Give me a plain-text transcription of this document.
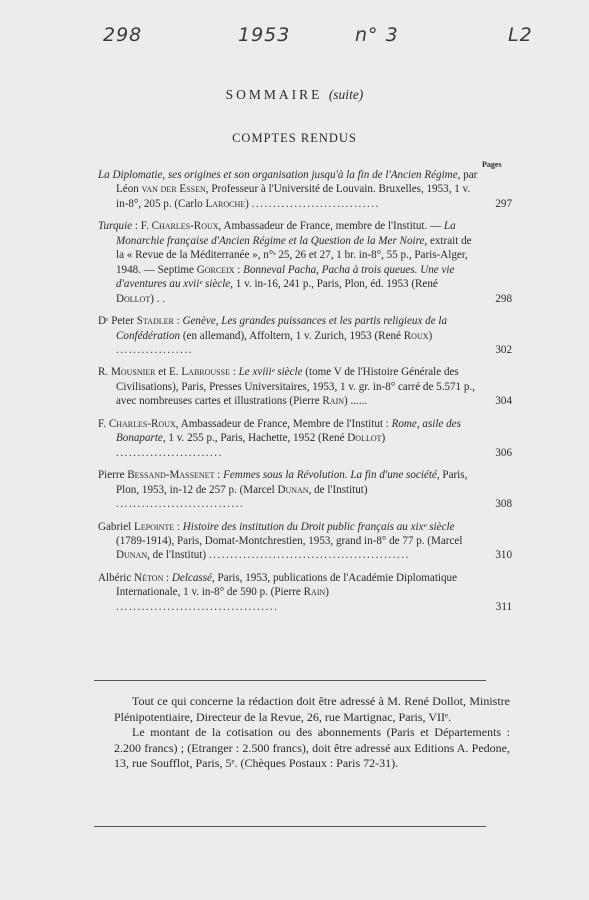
298	1953	n° 3	L2
SOMMAIRE (suite)
COMPTES RENDUS
Pages
La Diplomatie, ses origines et son organisation jusqu'à la fin de l'Ancien Régime, par Léon van der Essen, Professeur à l'Université de Louvain. Bruxelles, 1953, 1 v. in-8°, 205 p. (Carlo Laroche) ..............................	297
Turquie : F. Charles-Roux, Ambassadeur de France, membre de l'Institut. — La Monarchie française d'Ancien Régime et la Question de la Mer Noire, extrait de la « Revue de la Méditerranée », n°ˢ 25, 26 et 27, 1 br. in-8°, 55 p., Paris-Alger, 1948. — Septime Gorceix : Bonneval Pacha, Pacha à trois queues. Une vie d'aventures au xviiᵉ siècle, 1 v. in-16, 241 p., Paris, Plon, éd. 1953 (René Dollot) . .	298
Dʳ Peter Stadler : Genève, Les grandes puissances et les partis religieux de la Confédération (en allemand), Affoltern, 1 v. Zurich, 1953 (René Roux) ..................	302
R. Mousnier et E. Labrousse : Le xviiiᵉ siècle (tome V de l'Histoire Générale des Civilisations), Paris, Presses Universitaires, 1953, 1 v. gr. in-8° carré de 5.571 p., avec nombreuses cartes et illustrations (Pierre Rain) ......	304
F. Charles-Roux, Ambassadeur de France, Membre de l'Institut : Rome, asile des Bonaparte, 1 v. 255 p., Paris, Hachette, 1952 (René Dollot) .........................	306
Pierre Bessand-Massenet : Femmes sous la Révolution. La fin d'une société, Paris, Plon, 1953, in-12 de 257 p. (Marcel Dunan, de l'Institut) ..............................	308
Gabriel Lepointe : Histoire des institution du Droit public français au xixᵉ siècle (1789-1914), Paris, Domat-Montchrestien, 1953, grand in-8° de 77 p. (Marcel Dunan, de l'Institut) ...............................................	310
Albéric Néton : Delcassé, Paris, 1953, publications de l'Académie Diplomatique Internationale, 1 v. in-8° de 590 p. (Pierre Rain) ......................................	311

Tout ce qui concerne la rédaction doit être adressé à M. René Dollot, Ministre Plénipotentiaire, Directeur de la Revue, 26, rue Martignac, Paris, VIIᵉ.

Le montant de la cotisation ou des abonnements (Paris et Départements : 2.200 francs) ; (Etranger : 2.500 francs), doit être adressé aux Editions A. Pedone, 13, rue Soufflot, Paris, 5ᵉ. (Chèques Postaux : Paris 72-31).
